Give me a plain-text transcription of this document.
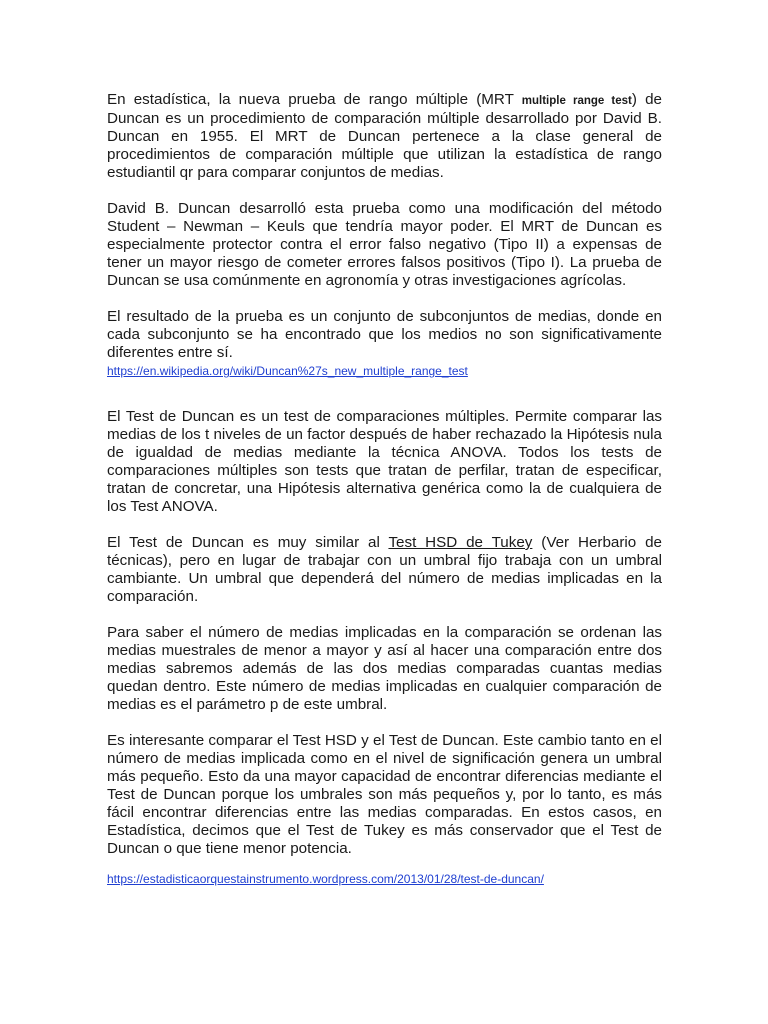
En estadística, la nueva prueba de rango múltiple (MRT multiple range test) de Duncan es un procedimiento de comparación múltiple desarrollado por David B. Duncan en 1955. El MRT de Duncan pertenece a la clase general de procedimientos de comparación múltiple que utilizan la estadística de rango estudiantil qr para comparar conjuntos de medias.

David B. Duncan desarrolló esta prueba como una modificación del método Student – Newman – Keuls que tendría mayor poder. El MRT de Duncan es especialmente protector contra el error falso negativo (Tipo II) a expensas de tener un mayor riesgo de cometer errores falsos positivos (Tipo I). La prueba de Duncan se usa comúnmente en agronomía y otras investigaciones agrícolas.

El resultado de la prueba es un conjunto de subconjuntos de medias, donde en cada subconjunto se ha encontrado que los medios no son significativamente diferentes entre sí.

https://en.wikipedia.org/wiki/Duncan%27s_new_multiple_range_test

El Test de Duncan es un test de comparaciones múltiples. Permite comparar las medias de los t niveles de un factor después de haber rechazado la Hipótesis nula de igualdad de medias mediante la técnica ANOVA. Todos los tests de comparaciones múltiples son tests que tratan de perfilar, tratan de especificar, tratan de concretar, una Hipótesis alternativa genérica como la de cualquiera de los Test ANOVA.

El Test de Duncan es muy similar al Test HSD de Tukey (Ver Herbario de técnicas), pero en lugar de trabajar con un umbral fijo trabaja con un umbral cambiante. Un umbral que dependerá del número de medias implicadas en la comparación.

Para saber el número de medias implicadas en la comparación se ordenan las medias muestrales de menor a mayor y así al hacer una comparación entre dos medias sabremos además de las dos medias comparadas cuantas medias quedan dentro. Este número de medias implicadas en cualquier comparación de medias es el parámetro p de este umbral.

Es interesante comparar el Test HSD y el Test de Duncan. Este cambio tanto en el número de medias implicada como en el nivel de significación genera un umbral más pequeño. Esto da una mayor capacidad de encontrar diferencias mediante el Test de Duncan porque los umbrales son más pequeños y, por lo tanto, es más fácil encontrar diferencias entre las medias comparadas. En estos casos, en Estadística, decimos que el Test de Tukey es más conservador que el Test de Duncan o que tiene menor potencia.

https://estadisticaorquestainstrumento.wordpress.com/2013/01/28/test-de-duncan/
